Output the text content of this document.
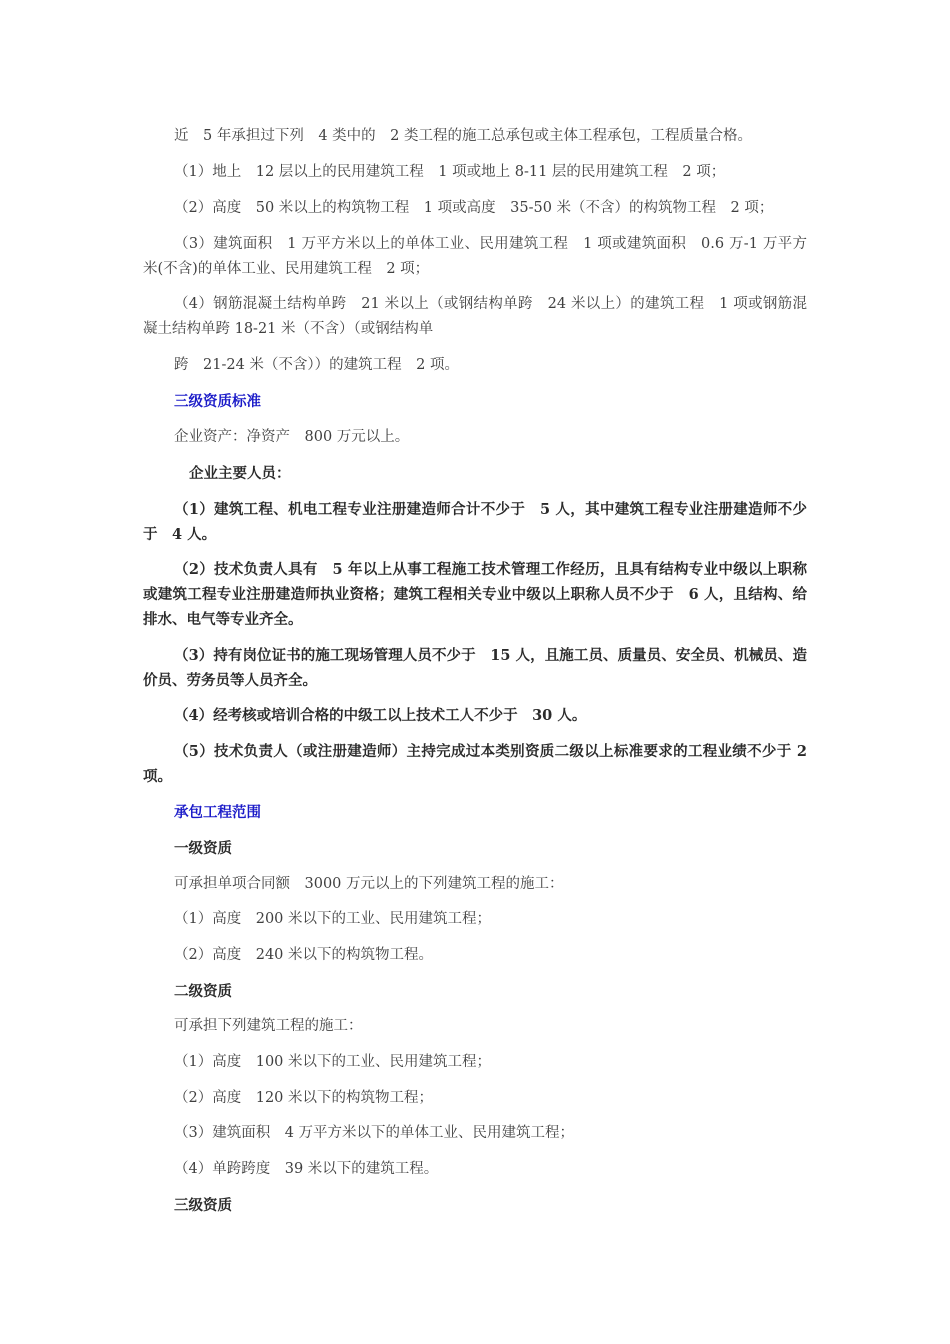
近　5 年承担过下列　4 类中的　2 类工程的施工总承包或主体工程承包，工程质量合格。

（1）地上　12 层以上的民用建筑工程　1 项或地上 8-11 层的民用建筑工程　2 项；

（2）高度　50 米以上的构筑物工程　1 项或高度　35-50 米（不含）的构筑物工程　2 项；

（3）建筑面积　1 万平方米以上的单体工业、民用建筑工程　1 项或建筑面积　0.6 万-1 万平方米(不含)的单体工业、民用建筑工程　2 项；

（4）钢筋混凝土结构单跨　21 米以上（或钢结构单跨　24 米以上）的建筑工程　1 项或钢筋混凝土结构单跨 18-21 米（不含）（或钢结构单

跨　21-24 米（不含））的建筑工程　2 项。

三级资质标准

企业资产：净资产　800 万元以上。

企业主要人员：

（1）建筑工程、机电工程专业注册建造师合计不少于　5 人，其中建筑工程专业注册建造师不少于　4 人。

（2）技术负责人具有　5 年以上从事工程施工技术管理工作经历，且具有结构专业中级以上职称或建筑工程专业注册建造师执业资格；建筑工程相关专业中级以上职称人员不少于　6 人，且结构、给排水、电气等专业齐全。

（3）持有岗位证书的施工现场管理人员不少于　15 人，且施工员、质量员、安全员、机械员、造价员、劳务员等人员齐全。

（4）经考核或培训合格的中级工以上技术工人不少于　30 人。

（5）技术负责人（或注册建造师）主持完成过本类别资质二级以上标准要求的工程业绩不少于 2 项。

承包工程范围

一级资质

可承担单项合同额　3000 万元以上的下列建筑工程的施工：

（1）高度　200 米以下的工业、民用建筑工程；

（2）高度　240 米以下的构筑物工程。

二级资质

可承担下列建筑工程的施工：

（1）高度　100 米以下的工业、民用建筑工程；

（2）高度　120 米以下的构筑物工程；

（3）建筑面积　4 万平方米以下的单体工业、民用建筑工程；

（4）单跨跨度　39 米以下的建筑工程。

三级资质
